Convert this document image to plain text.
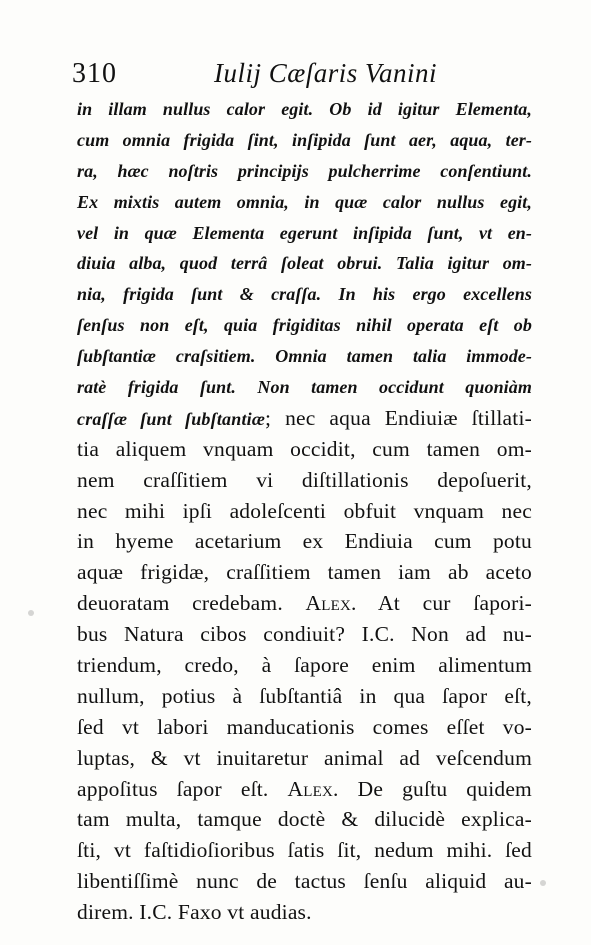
310	Iulij Cæſaris Vanini
in illam nullus calor egit. Ob id igitur Elementa,
cum omnia frigida ſint, inſipida ſunt aer, aqua, ter-
ra, hæc noſtris principijs pulcherrime conſentiunt.
Ex mixtis autem omnia, in quæ calor nullus egit,
vel in quæ Elementa egerunt inſipida ſunt, vt en-
diuia alba, quod terrâ ſoleat obrui. Talia igitur om-
nia, frigida ſunt & craſſa. In his ergo excellens
ſenſus non eſt, quia frigiditas nihil operata eſt ob
ſubſtantiæ craſsitiem. Omnia tamen talia immode-
ratè frigida ſunt. Non tamen occidunt quoniàm
craſſæ ſunt ſubſtantiæ; nec aqua Endiuiæ ſtillati-
tia aliquem vnquam occidit, cum tamen om-
nem craſſitiem vi diſtillationis depoſuerit,
nec mihi ipſi adoleſcenti obfuit vnquam nec
in hyeme acetarium ex Endiuia cum potu
aquæ frigidæ, craſſitiem tamen iam ab aceto
deuoratam credebam. Alex. At cur ſapori-
bus Natura cibos condiuit? I.C. Non ad nu-
triendum, credo, à ſapore enim alimentum
nullum, potius à ſubſtantiâ in qua ſapor eſt,
ſed vt labori manducationis comes eſſet vo-
luptas, & vt inuitaretur animal ad veſcendum
appoſitus ſapor eſt. Alex. De guſtu quidem
tam multa, tamque doctè & dilucidè explica-
ſti, vt faſtidioſioribus ſatis ſit, nedum mihi. ſed
libentiſſimè nunc de tactus ſenſu aliquid au-
direm. I.C. Faxo vt audias.
